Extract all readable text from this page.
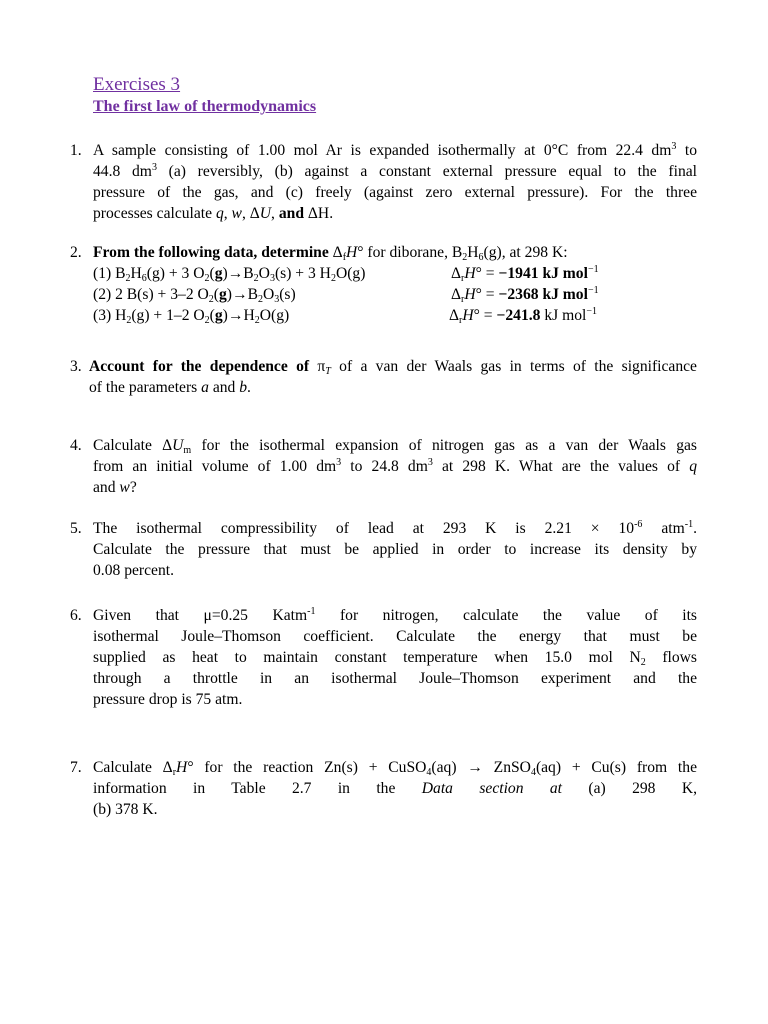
Exercises 3
The first law of thermodynamics
1. A sample consisting of 1.00 mol Ar is expanded isothermally at 0°C from 22.4 $dm^3$ to
44.8 $dm^3$ (a) reversibly, (b) against a constant external pressure equal to the final
pressure of the gas, and (c) freely (against zero external pressure). For the three
processes calculate q, w, ΔU, and ΔH.
2. From the following data, determine $\Delta_fH^\circ$ for diborane, $B_2H_6(g)$, at 298 K:
(1) $B_2H_6(g) + 3$ $O_2(g)\to B_2O_3(s) + 3$ $H_2O(g)$	$\Delta_rH^\circ = -1941$ kJ mol$^{-1}$
(2) 2 B(s) + 3–2 $O_2(g)\to B_2O_3(s)$	$\Delta_rH^\circ = -2368$ kJ mol$^{-1}$
(3) $H_2(g) + 1-2$ $O_2(g)\to H_2O(g)$	$\Delta_rH^\circ = -241.8$ kJ mol$^{-1}$
3. Account for the dependence of $\pi_T$ of a van der Waals gas in terms of the significance
of the parameters a and b.
4. Calculate $\Delta U_m$ for the isothermal expansion of nitrogen gas as a van der Waals gas
from an initial volume of 1.00 $dm^3$ to 24.8 $dm^3$ at 298 K. What are the values of q
and w?
5. The isothermal compressibility of lead at 293 K is $2.21 \times 10^{-6}$ atm$^{-1}$.
Calculate the pressure that must be applied in order to increase its density by
0.08 percent.
6. Given that μ=0.25 Katm$^{-1}$ for nitrogen, calculate the value of its
isothermal Joule–Thomson coefficient. Calculate the energy that must be
supplied as heat to maintain constant temperature when 15.0 mol $N_2$ flows
through a throttle in an isothermal Joule–Thomson experiment and the
pressure drop is 75 atm.
7. Calculate $\Delta_rH^\circ$ for the reaction Zn(s) + CuSO$_4$(aq) → ZnSO$_4$(aq) + Cu(s) from the
information in Table 2.7 in the Data section at (a) 298 K,
(b) 378 K.
